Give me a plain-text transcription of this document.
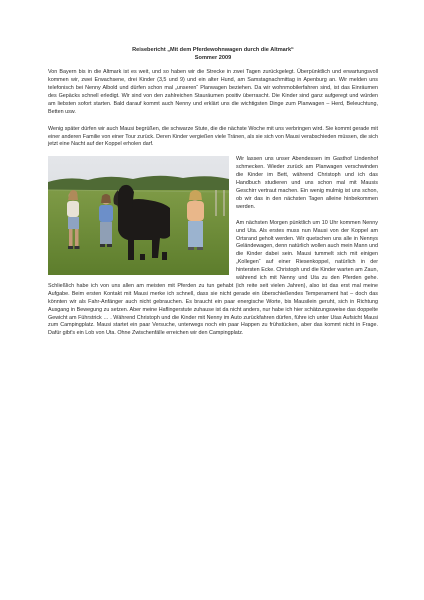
Reisebericht „Mit dem Pferdewohnwagen durch die Altmark“
Sommer 2009

Von Bayern bis in die Altmark ist es weit, und so haben wir die Strecke in zwei Tagen zurückgelegt. Überpünktlich und erwartungsvoll kommen wir, zwei Erwachsene, drei Kinder (3,5 und 9) und ein alter Hund, am Samstagnachmittag in Apenburg an. Wir melden uns telefonisch bei Nenny Albold und dürfen schon mal „unseren“ Planwagen beziehen. Da wir wohnmobilerfahren sind, ist das Einräumen des Gepäcks schnell erledigt. Wir sind von den zahlreichen Stauräumen positiv überrascht. Die Kinder sind ganz aufgeregt und würden am liebsten sofort starten. Bald darauf kommt auch Nenny und erklärt uns die wichtigsten Dinge zum Planwagen – Herd, Beleuchtung, Betten usw.

Wenig später dürfen wir auch Mausi begrüßen, die schwarze Stute, die die nächste Woche mit uns verbringen wird. Sie kommt gerade mit einer anderen Familie von einer Tour zurück. Deren Kinder vergießen viele Tränen, als sie sich von Mausi verabschieden müssen, die sich jetzt eine Nacht auf der Koppel erholen darf.

Wir lassen uns unser Abendessen im Gasthof Lindenhof schmecken. Wieder zurück am Planwagen verschwinden die Kinder im Bett, während Christoph und ich das Handbuch studieren und uns schon mal mit Mausis Geschirr vertraut machen. Ein wenig mulmig ist uns schon, ob wir das in den nächsten Tagen alleine hinbekommen werden.

Am nächsten Morgen pünktlich um 10 Uhr kommen Nenny und Uta. Als erstes muss nun Mausi von der Koppel am Ortsrand geholt werden. Wir quetschen uns alle in Nennys Geländewagen, denn natürlich wollen auch mein Mann und die Kinder dabei sein. Mausi tummelt sich mit einigen „Kollegen“ auf einer Riesenkoppel, natürlich in der hintersten Ecke. Christoph und die Kinder warten am Zaun, während ich mit Nenny und Uta zu den Pferden gehe. Schließlich habe ich von uns allen am meisten mit Pferden zu tun gehabt (ich reite seit vielen Jahren), also ist das erst mal meine Aufgabe. Beim ersten Kontakt mit Mausi merke ich schnell, dass sie nicht gerade ein überschießendes Temperament hat – doch das könnten wir als Fahr-Anfänger auch nicht gebrauchen. Es braucht ein paar energische Worte, bis Mausilein geruht, sich in Richtung Ausgang in Bewegung zu setzen. Aber meine Haflingerstute zuhause ist da nicht anders, nur habe ich hier schätzungsweise das doppelte Gewicht am Führstrick … . Während Christoph und die Kinder mit Nenny im Auto zurückfahren dürfen, führe ich unter Utas Aufsicht Mausi zum Campingplatz. Mausi startet ein paar Versuche, unterwegs noch ein paar Happen zu frühstücken, aber das kommt nicht in Frage. Dafür gibt's ein Lob von Uta. Ohne Zwischenfälle erreichen wir den Campingplatz.
